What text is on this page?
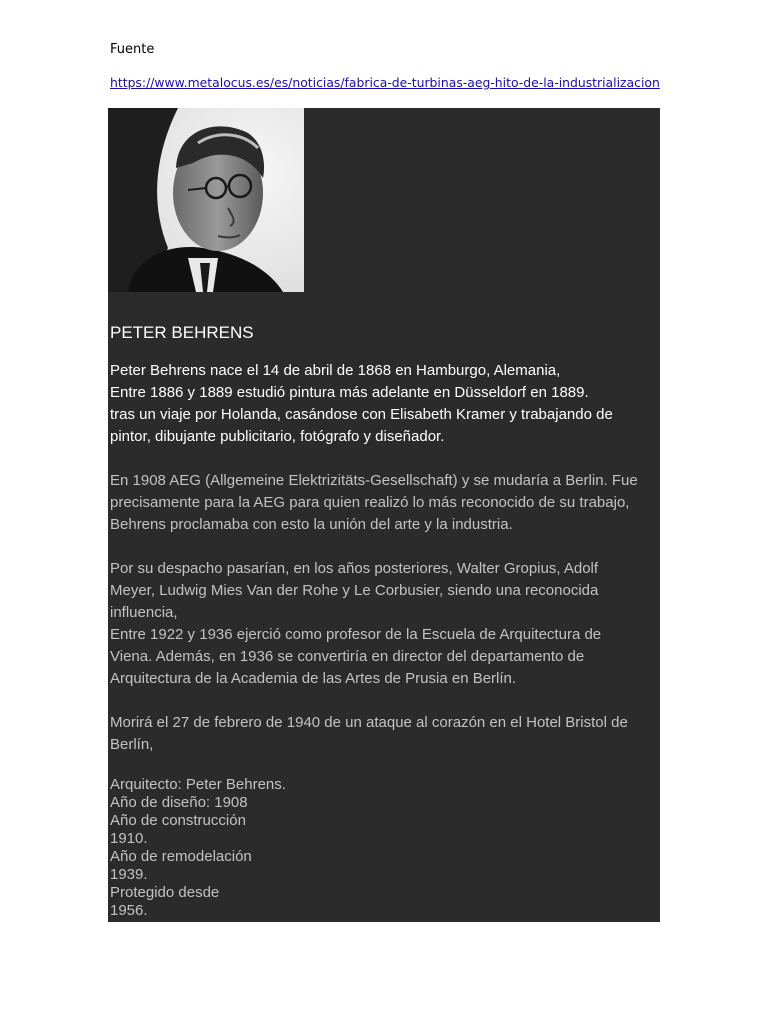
Fuente
https://www.metalocus.es/es/noticias/fabrica-de-turbinas-aeg-hito-de-la-industrializacion
PETER BEHRENS

Peter Behrens nace el 14 de abril de 1868 en Hamburgo, Alemania,
Entre 1886 y 1889 estudió pintura más adelante en Düsseldorf en 1889.
tras un viaje por Holanda, casándose con Elisabeth Kramer y trabajando de
pintor, dibujante publicitario, fotógrafo y diseñador.

En 1908 AEG (Allgemeine Elektrizitäts-Gesellschaft) y se mudaría a Berlin. Fue
precisamente para la AEG para quien realizó lo más reconocido de su trabajo,
Behrens proclamaba con esto la unión del arte y la industria.

Por su despacho pasarían, en los años posteriores, Walter Gropius, Adolf
Meyer, Ludwig Mies Van der Rohe y Le Corbusier, siendo una reconocida
influencia,
Entre 1922 y 1936 ejerció como profesor de la Escuela de Arquitectura de
Viena. Además, en 1936 se convertiría en director del departamento de
Arquitectura de la Academia de las Artes de Prusia en Berlín.

Morirá el 27 de febrero de 1940 de un ataque al corazón en el Hotel Bristol de
Berlín,

Arquitecto: Peter Behrens.
Año de diseño: 1908
Año de construcción
1910.
Año de remodelación
1939.
Protegido desde
1956.
